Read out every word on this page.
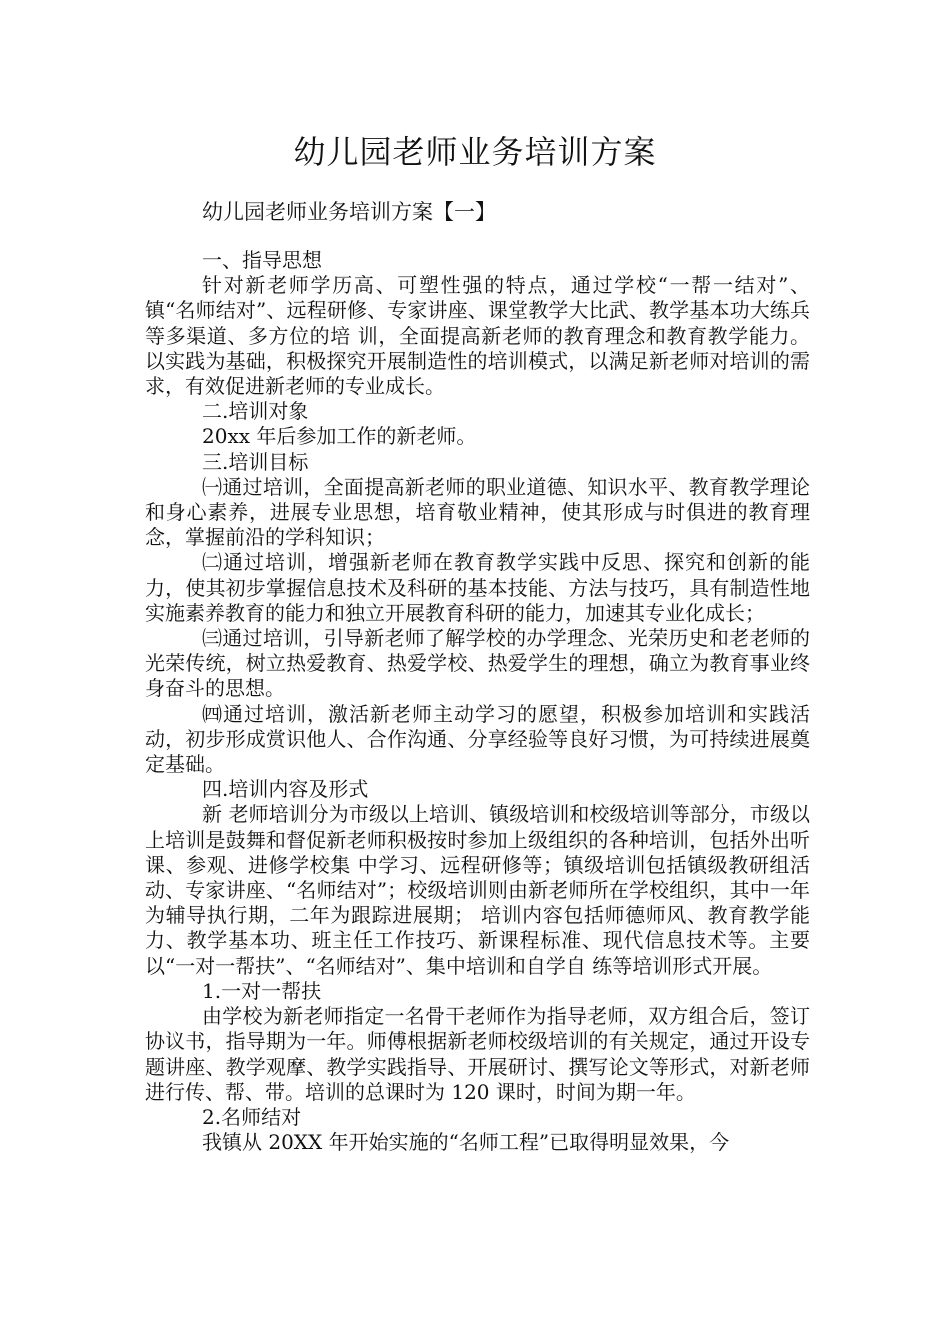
幼儿园老师业务培训方案
幼儿园老师业务培训方案【一】

一、指导思想

针对新老师学历高、可塑性强的特点，通过学校“一帮一结对”、镇“名师结对”、远程研修、专家讲座、课堂教学大比武、教学基本功大练兵等多渠道、多方位的培 训，全面提高新老师的教育理念和教育教学能力。以实践为基础，积极探究开展制造性的培训模式，以满足新老师对培训的需求，有效促进新老师的专业成长。

二.培训对象

20xx 年后参加工作的新老师。

三.培训目标

㈠通过培训，全面提高新老师的职业道德、知识水平、教育教学理论和身心素养，进展专业思想，培育敬业精神，使其形成与时俱进的教育理念，掌握前沿的学科知识；

㈡通过培训，增强新老师在教育教学实践中反思、探究和创新的能力，使其初步掌握信息技术及科研的基本技能、方法与技巧，具有制造性地实施素养教育的能力和独立开展教育科研的能力，加速其专业化成长；

㈢通过培训，引导新老师了解学校的办学理念、光荣历史和老老师的光荣传统，树立热爱教育、热爱学校、热爱学生的理想，确立为教育事业终身奋斗的思想。

㈣通过培训，激活新老师主动学习的愿望，积极参加培训和实践活动，初步形成赏识他人、合作沟通、分享经验等良好习惯，为可持续进展奠定基础。

四.培训内容及形式

新 老师培训分为市级以上培训、镇级培训和校级培训等部分，市级以上培训是鼓舞和督促新老师积极按时参加上级组织的各种培训，包括外出听课、参观、进修学校集 中学习、远程研修等；镇级培训包括镇级教研组活动、专家讲座、“名师结对”；校级培训则由新老师所在学校组织，其中一年为辅导执行期，二年为跟踪进展期； 培训内容包括师德师风、教育教学能力、教学基本功、班主任工作技巧、新课程标准、现代信息技术等。主要以“一对一帮扶”、“名师结对”、集中培训和自学自 练等培训形式开展。

1.一对一帮扶

由学校为新老师指定一名骨干老师作为指导老师，双方组合后，签订协议书，指导期为一年。师傅根据新老师校级培训的有关规定，通过开设专题讲座、教学观摩、教学实践指导、开展研讨、撰写论文等形式，对新老师进行传、帮、带。培训的总课时为 120 课时，时间为期一年。

2.名师结对

我镇从 20XX 年开始实施的“名师工程”已取得明显效果，今
